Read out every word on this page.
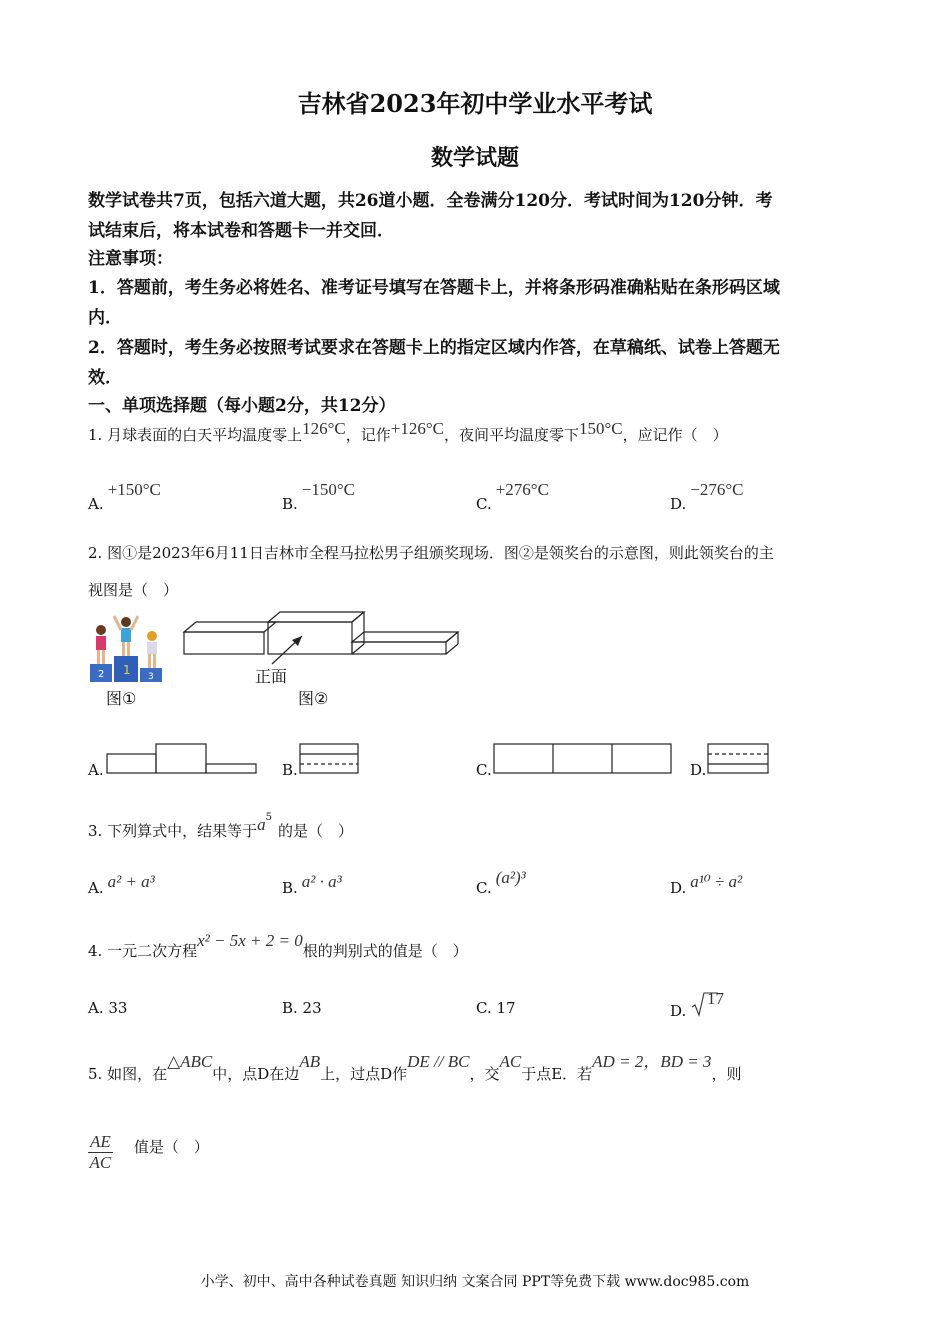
吉林省2023年初中学业水平考试
数学试题
数学试卷共7页，包括六道大题，共26道小题．全卷满分120分．考试时间为120分钟．考
试结束后，将本试卷和答题卡一并交回．
注意事项：
1．答题前，考生务必将姓名、准考证号填写在答题卡上，并将条形码准确粘贴在条形码区域
内．
2．答题时，考生务必按照考试要求在答题卡上的指定区域内作答，在草稿纸、试卷上答题无
效．
一、单项选择题（每小题2分，共12分）
1. 月球表面的白天平均温度零上126°C，记作+126°C，夜间平均温度零下150°C，应记作（　）
A.+150°C
B.−150°C
C.+276°C
D.−276°C
2. 图①是2023年6月11日吉林市全程马拉松男子组颁奖现场．图②是领奖台的示意图，则此领奖台的主
视图是（　）
2 1 3
图①
正面
图②
A.	B.	C.	D.
3. 下列算式中，结果等于$a^5$的是（　）
A. a² + a³	B. a² · a³	C.(a²)³
D. a¹⁰ ÷ a²
4. 一元二次方程x² − 5x + 2 = 0根的判别式的值是（　）
A. 33	B. 23	C. 17	D. 17
5. 如图，在△ABC中，点D在边AB上，过点D作DE // BC，交AC于点E．若AD = 2，BD = 3，则
$\frac{AE}{AC}$ 值是（　）
小学、初中、高中各种试卷真题 知识归纳 文案合同 PPT等免费下载 www.doc985.com
